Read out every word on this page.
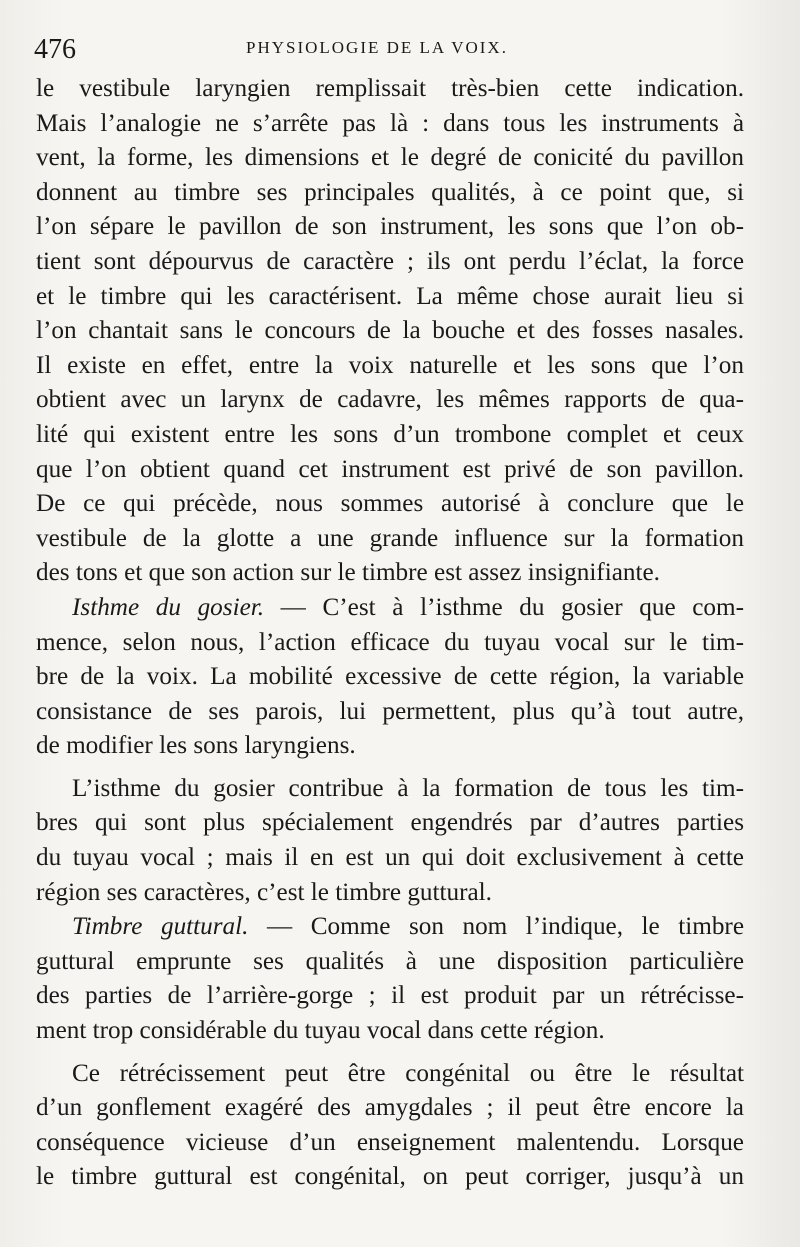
476	PHYSIOLOGIE DE LA VOIX.
le vestibule laryngien remplissait très-bien cette indication.
Mais l’analogie ne s’arrête pas là : dans tous les instruments à
vent, la forme, les dimensions et le degré de conicité du pavillon
donnent au timbre ses principales qualités, à ce point que, si
l’on sépare le pavillon de son instrument, les sons que l’on ob-
tient sont dépourvus de caractère ; ils ont perdu l’éclat, la force
et le timbre qui les caractérisent. La même chose aurait lieu si
l’on chantait sans le concours de la bouche et des fosses nasales.
Il existe en effet, entre la voix naturelle et les sons que l’on
obtient avec un larynx de cadavre, les mêmes rapports de qua-
lité qui existent entre les sons d’un trombone complet et ceux
que l’on obtient quand cet instrument est privé de son pavillon.
De ce qui précède, nous sommes autorisé à conclure que le
vestibule de la glotte a une grande influence sur la formation
des tons et que son action sur le timbre est assez insignifiante.
Isthme du gosier. — C’est à l’isthme du gosier que com-
mence, selon nous, l’action efficace du tuyau vocal sur le tim-
bre de la voix. La mobilité excessive de cette région, la variable
consistance de ses parois, lui permettent, plus qu’à tout autre,
de modifier les sons laryngiens.
L’isthme du gosier contribue à la formation de tous les tim-
bres qui sont plus spécialement engendrés par d’autres parties
du tuyau vocal ; mais il en est un qui doit exclusivement à cette
région ses caractères, c’est le timbre guttural.
Timbre guttural. — Comme son nom l’indique, le timbre
guttural emprunte ses qualités à une disposition particulière
des parties de l’arrière-gorge ; il est produit par un rétrécisse-
ment trop considérable du tuyau vocal dans cette région.
Ce rétrécissement peut être congénital ou être le résultat
d’un gonflement exagéré des amygdales ; il peut être encore la
conséquence vicieuse d’un enseignement malentendu. Lorsque
le timbre guttural est congénital, on peut corriger, jusqu’à un
